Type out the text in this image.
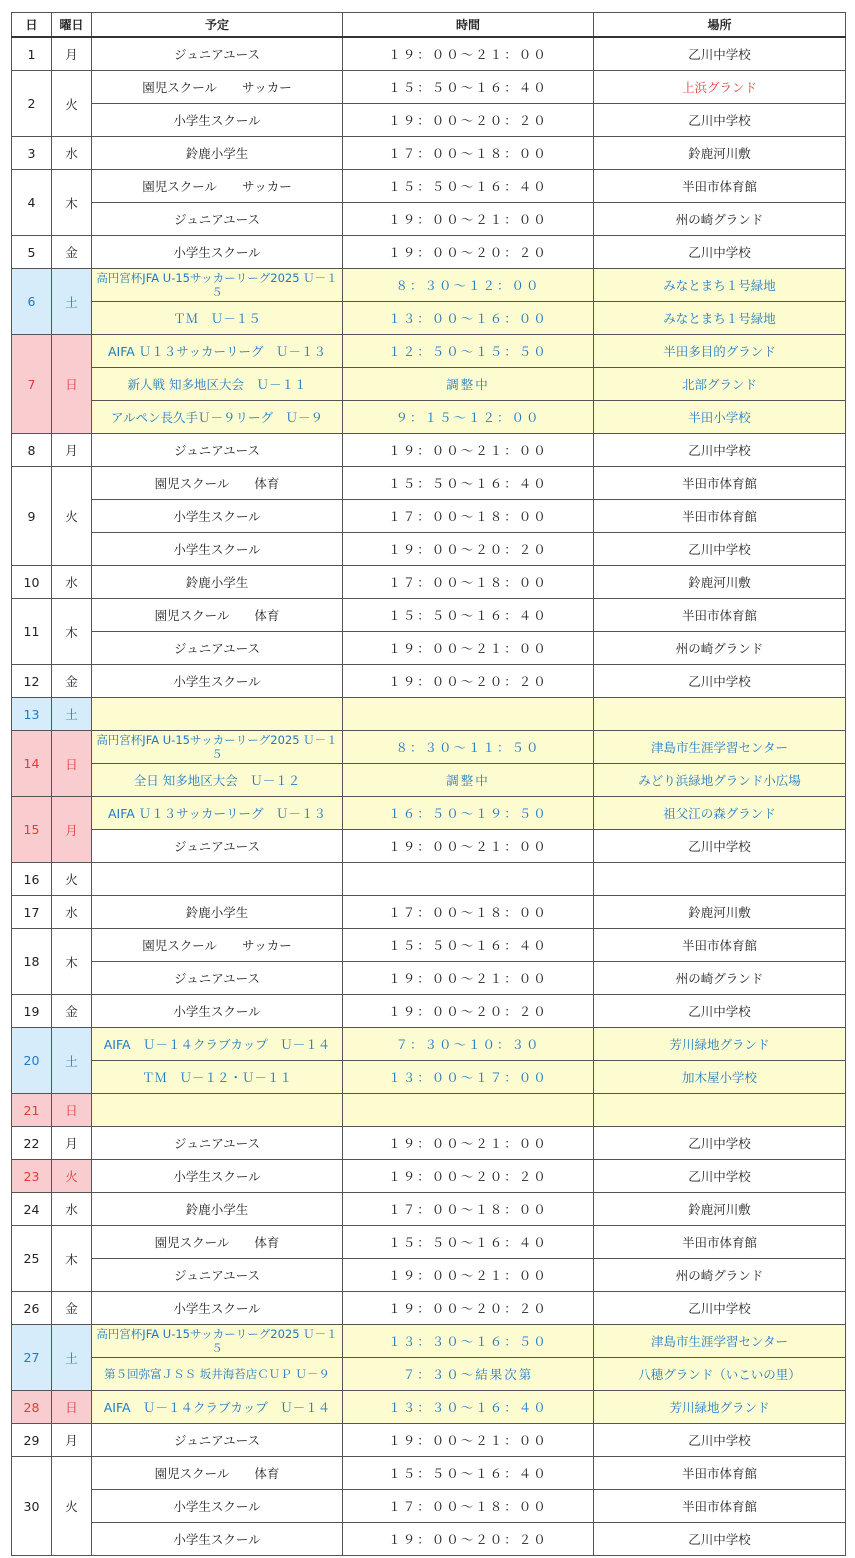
日	曜日	予定	時間	場所
1	月	ジュニアユース	１９：００～２１：００	乙川中学校
2	火	園児スクール　　サッカー	１５：５０～１６：４０	上浜グランド
		小学生スクール	１９：００～２０：２０	乙川中学校
3	水	鈴鹿小学生	１７：００～１８：００	鈴鹿河川敷
4	木	園児スクール　　サッカー	１５：５０～１６：４０	半田市体育館
		ジュニアユース	１９：００～２１：００	州の崎グランド
5	金	小学生スクール	１９：００～２０：２０	乙川中学校
6	土	高円宮杯JFA U-15サッカーリーグ2025 Ｕ－１５	８：３０～１２：００	みなとまち１号緑地
		ＴＭ　Ｕ－１５	１３：００～１６：００	みなとまち１号緑地
7	日	AIFA Ｕ１３サッカーリーグ　Ｕ－１３	１２：５０～１５：５０	半田多目的グランド
		新人戦 知多地区大会　Ｕ－１１	調整中	北部グランド
		アルペン長久手Ｕ－９リーグ　Ｕ－９	９：１５～１２：００	半田小学校
8	月	ジュニアユース	１９：００～２１：００	乙川中学校
9	火	園児スクール　　体育	１５：５０～１６：４０	半田市体育館
		小学生スクール	１７：００～１８：００	半田市体育館
		小学生スクール	１９：００～２０：２０	乙川中学校
10	水	鈴鹿小学生	１７：００～１８：００	鈴鹿河川敷
11	木	園児スクール　　体育	１５：５０～１６：４０	半田市体育館
		ジュニアユース	１９：００～２１：００	州の崎グランド
12	金	小学生スクール	１９：００～２０：２０	乙川中学校
13	土			
14	日	高円宮杯JFA U-15サッカーリーグ2025 Ｕ－１５	８：３０～１１：５０	津島市生涯学習センター
		全日 知多地区大会　Ｕ－１２	調整中	みどり浜緑地グランド小広場
15	月	AIFA Ｕ１３サッカーリーグ　Ｕ－１３	１６：５０～１９：５０	祖父江の森グランド
		ジュニアユース	１９：００～２１：００	乙川中学校
16	火			
17	水	鈴鹿小学生	１７：００～１８：００	鈴鹿河川敷
18	木	園児スクール　　サッカー	１５：５０～１６：４０	半田市体育館
		ジュニアユース	１９：００～２１：００	州の崎グランド
19	金	小学生スクール	１９：００～２０：２０	乙川中学校
20	土	AIFA　Ｕ－１４クラブカップ　Ｕ－１４	７：３０～１０：３０	芳川緑地グランド
		ＴＭ　Ｕ－１２・Ｕ－１１	１３：００～１７：００	加木屋小学校
21	日			
22	月	ジュニアユース	１９：００～２１：００	乙川中学校
23	火	小学生スクール	１９：００～２０：２０	乙川中学校
24	水	鈴鹿小学生	１７：００～１８：００	鈴鹿河川敷
25	木	園児スクール　　体育	１５：５０～１６：４０	半田市体育館
		ジュニアユース	１９：００～２１：００	州の崎グランド
26	金	小学生スクール	１９：００～２０：２０	乙川中学校
27	土	高円宮杯JFA U-15サッカーリーグ2025 Ｕ－１５	１３：３０～１６：５０	津島市生涯学習センター
		第５回弥富ＪＳＳ 坂井海苔店ＣＵＰ Ｕ－９	７：３０～結果次第	八穂グランド（いこいの里）
28	日	AIFA　Ｕ－１４クラブカップ　Ｕ－１４	１３：３０～１６：４０	芳川緑地グランド
29	月	ジュニアユース	１９：００～２１：００	乙川中学校
30	火	園児スクール　　体育	１５：５０～１６：４０	半田市体育館
		小学生スクール	１７：００～１８：００	半田市体育館
		小学生スクール	１９：００～２０：２０	乙川中学校
